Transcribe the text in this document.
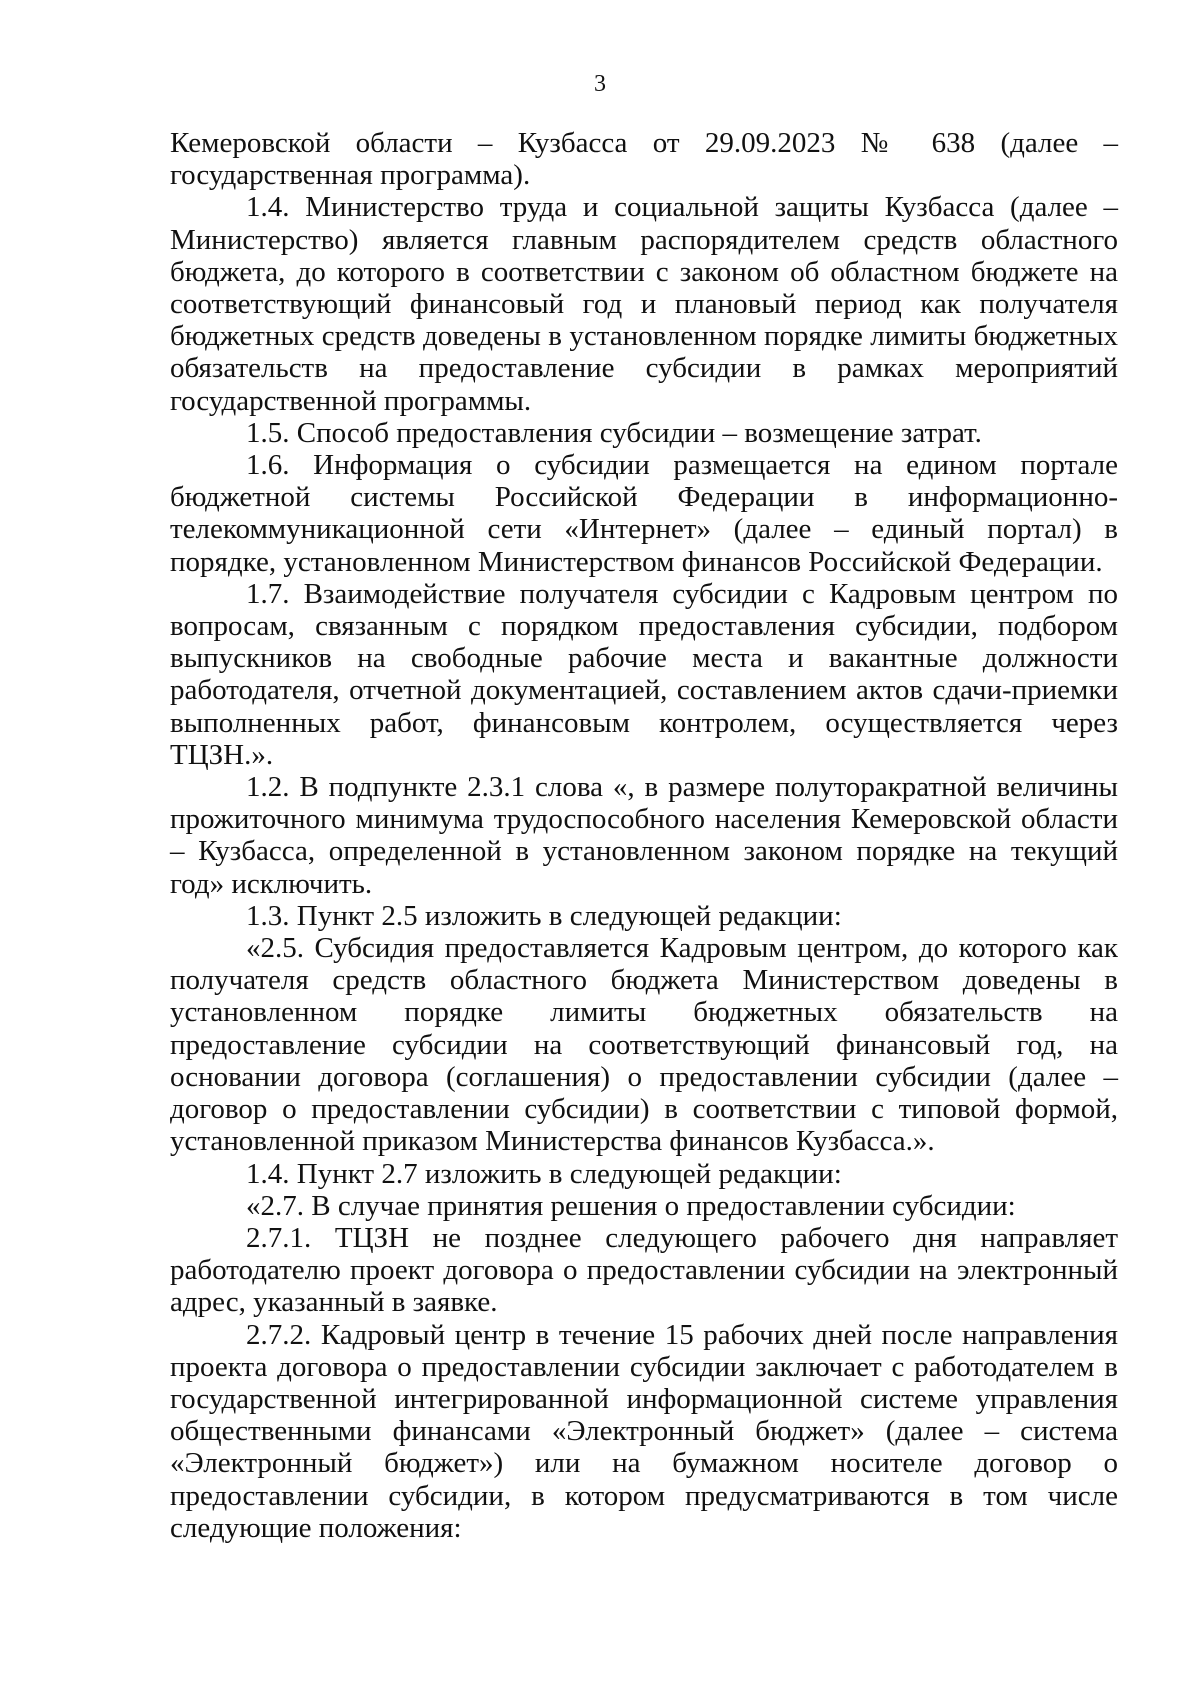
3

Кемеровской области – Кузбасса от 29.09.2023 № 638 (далее – государственная программа).

1.4. Министерство труда и социальной защиты Кузбасса (далее – Министерство) является главным распорядителем средств областного бюджета, до которого в соответствии с законом об областном бюджете на соответствующий финансовый год и плановый период как получателя бюджетных средств доведены в установленном порядке лимиты бюджетных обязательств на предоставление субсидии в рамках мероприятий государственной программы.

1.5. Способ предоставления субсидии – возмещение затрат.

1.6. Информация о субсидии размещается на едином портале бюджетной системы Российской Федерации в информационно-телекоммуникационной сети «Интернет» (далее – единый портал) в порядке, установленном Министерством финансов Российской Федерации.

1.7. Взаимодействие получателя субсидии с Кадровым центром по вопросам, связанным с порядком предоставления субсидии, подбором выпускников на свободные рабочие места и вакантные должности работодателя, отчетной документацией, составлением актов сдачи-приемки выполненных работ, финансовым контролем, осуществляется через ТЦЗН.».

1.2. В подпункте 2.3.1 слова «, в размере полуторакратной величины прожиточного минимума трудоспособного населения Кемеровской области – Кузбасса, определенной в установленном законом порядке на текущий год» исключить.

1.3. Пункт 2.5 изложить в следующей редакции:

«2.5. Субсидия предоставляется Кадровым центром, до которого как получателя средств областного бюджета Министерством доведены в установленном порядке лимиты бюджетных обязательств на предоставление субсидии на соответствующий финансовый год, на основании договора (соглашения) о предоставлении субсидии (далее – договор о предоставлении субсидии) в соответствии с типовой формой, установленной приказом Министерства финансов Кузбасса.».

1.4. Пункт 2.7 изложить в следующей редакции:

«2.7. В случае принятия решения о предоставлении субсидии:

2.7.1. ТЦЗН не позднее следующего рабочего дня направляет работодателю проект договора о предоставлении субсидии на электронный адрес, указанный в заявке.

2.7.2. Кадровый центр в течение 15 рабочих дней после направления проекта договора о предоставлении субсидии заключает с работодателем в государственной интегрированной информационной системе управления общественными финансами «Электронный бюджет» (далее – система «Электронный бюджет») или на бумажном носителе договор о предоставлении субсидии, в котором предусматриваются в том числе следующие положения:
